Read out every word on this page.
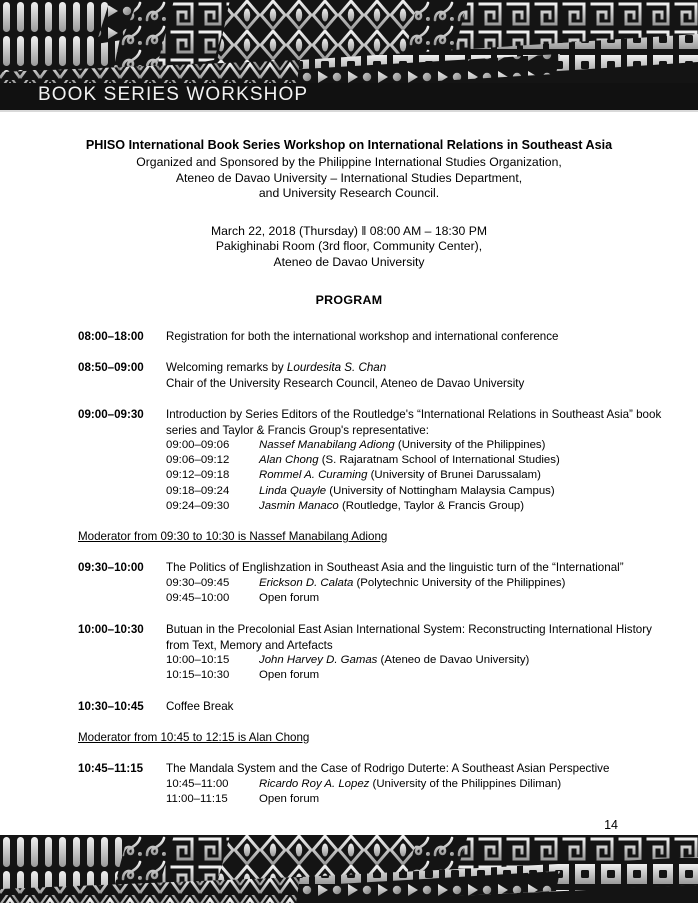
BOOK SERIES WORKSHOP
PHISO International Book Series Workshop on International Relations in Southeast Asia
Organized and Sponsored by the Philippine International Studies Organization,
Ateneo de Davao University – International Studies Department,
and University Research Council.
March 22, 2018 (Thursday) ‖ 08:00 AM – 18:30 PM
Pakighinabi Room (3rd floor, Community Center),
Ateneo de Davao University
PROGRAM
08:00–18:00	Registration for both the international workshop and international conference
08:50–09:00	Welcoming remarks by Lourdesita S. Chan
Chair of the University Research Council, Ateneo de Davao University
09:00–09:30	Introduction by Series Editors of the Routledge's “International Relations in Southeast Asia” book series and Taylor & Francis Group's representative:
09:00–09:06	Nassef Manabilang Adiong (University of the Philippines)
09:06–09:12	Alan Chong (S. Rajaratnam School of International Studies)
09:12–09:18	Rommel A. Curaming (University of Brunei Darussalam)
09:18–09:24	Linda Quayle (University of Nottingham Malaysia Campus)
09:24–09:30	Jasmin Manaco (Routledge, Taylor & Francis Group)
Moderator from 09:30 to 10:30 is Nassef Manabilang Adiong
09:30–10:00	The Politics of Englishzation in Southeast Asia and the linguistic turn of the “International”
09:30–09:45	Erickson D. Calata (Polytechnic University of the Philippines)
09:45–10:00	Open forum
10:00–10:30	Butuan in the Precolonial East Asian International System: Reconstructing International History from Text, Memory and Artefacts
10:00–10:15	John Harvey D. Gamas (Ateneo de Davao University)
10:15–10:30	Open forum
10:30–10:45	Coffee Break
Moderator from 10:45 to 12:15 is Alan Chong
10:45–11:15	The Mandala System and the Case of Rodrigo Duterte: A Southeast Asian Perspective
10:45–11:00	Ricardo Roy A. Lopez (University of the Philippines Diliman)
11:00–11:15	Open forum
14
